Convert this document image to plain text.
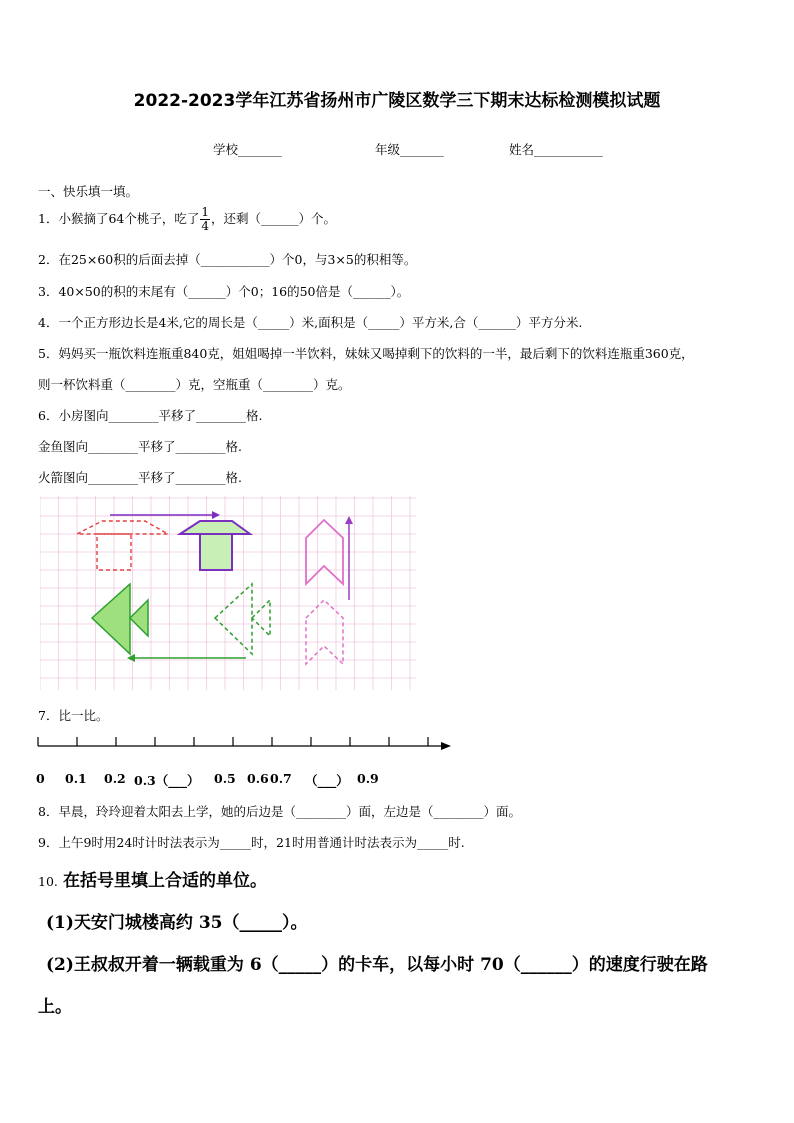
2022-2023学年江苏省扬州市广陵区数学三下期末达标检测模拟试题
学校_______	年级_______	姓名___________
一、快乐填一填。
1．小猴摘了64个桃子，吃了 $\frac{1}{4}$ ，还剩（______）个。
2．在25×60积的后面去掉（___________）个0，与3×5的积相等。
3．40×50的积的末尾有（______）个0；16的50倍是（______）。
4．一个正方形边长是4米,它的周长是（_____）米,面积是（_____）平方米,合（______）平方分米.
5．妈妈买一瓶饮料连瓶重840克，姐姐喝掉一半饮料，妹妹又喝掉剩下的饮料的一半，最后剩下的饮料连瓶重360克，
则一杯饮料重（________）克，空瓶重（________）克。
6．小房图向________平移了________格.
金鱼图向________平移了________格.
火箭图向________平移了________格.
7．比一比。
0 0.1 0.2 0.3（___） 0.5 0.6 0.7 （___） 0.9
8．早晨，玲玲迎着太阳去上学，她的后边是（________）面，左边是（________）面。
9．上午9时用24时计时法表示为_____时，21时用普通计时法表示为_____时.
10. 在括号里填上合适的单位。
(1)天安门城楼高约 35（_____）。
(2)王叔叔开着一辆载重为 6（_____）的卡车，以每小时 70（______）的速度行驶在路
上。
